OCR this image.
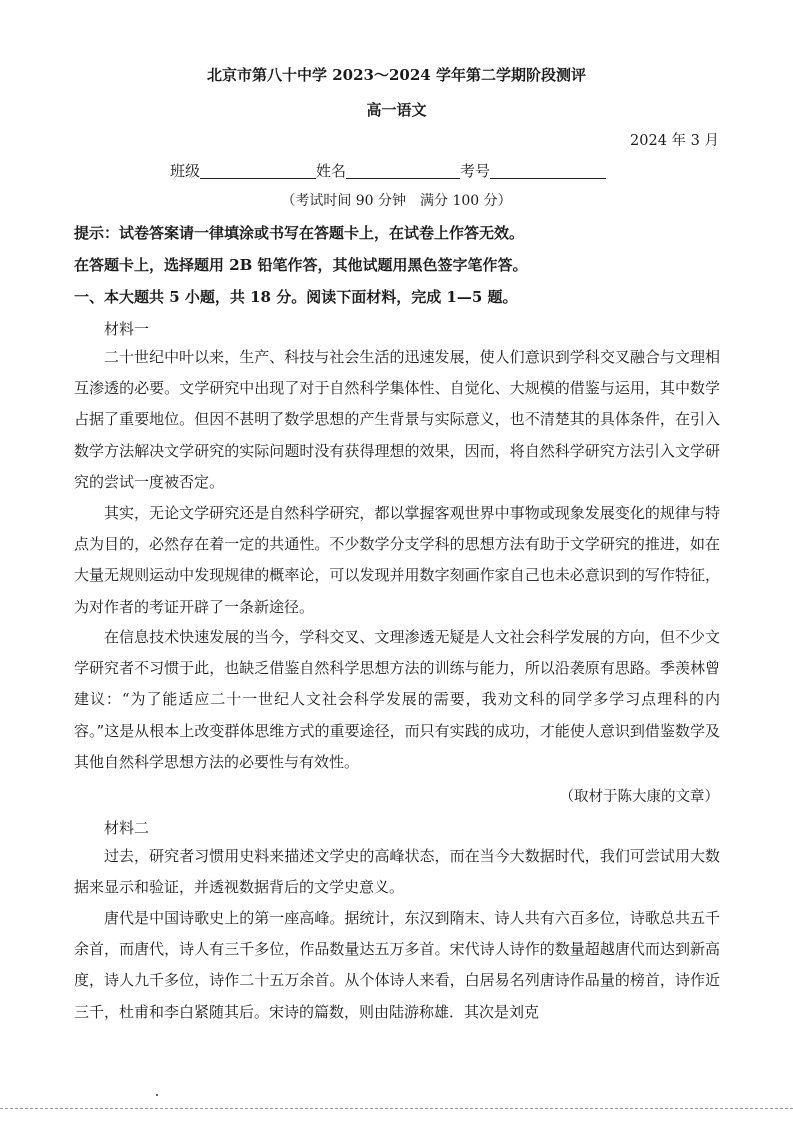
北京市第八十中学 2023～2024 学年第二学期阶段测评
高一语文
2024 年 3 月
班级	姓名	考号
（考试时间 90 分钟　满分 100 分）
提示：试卷答案请一律填涂或书写在答题卡上，在试卷上作答无效。
在答题卡上，选择题用 2B 铅笔作答，其他试题用黑色签字笔作答。
一、本大题共 5 小题，共 18 分。阅读下面材料，完成 1—5 题。
材料一

二十世纪中叶以来，生产、科技与社会生活的迅速发展，使人们意识到学科交叉融合与文理相互渗透的必要。文学研究中出现了对于自然科学集体性、自觉化、大规模的借鉴与运用，其中数学占据了重要地位。但因不甚明了数学思想的产生背景与实际意义，也不清楚其的具体条件，在引入数学方法解决文学研究的实际问题时没有获得理想的效果，因而，将自然科学研究方法引入文学研究的尝试一度被否定。

其实，无论文学研究还是自然科学研究，都以掌握客观世界中事物或现象发展变化的规律与特点为目的，必然存在着一定的共通性。不少数学分支学科的思想方法有助于文学研究的推进，如在大量无规则运动中发现规律的概率论，可以发现并用数字刻画作家自己也未必意识到的写作特征，为对作者的考证开辟了一条新途径。

在信息技术快速发展的当今，学科交叉、文理渗透无疑是人文社会科学发展的方向，但不少文学研究者不习惯于此，也缺乏借鉴自然科学思想方法的训练与能力，所以沿袭原有思路。季羡林曾建议：“为了能适应二十一世纪人文社会科学发展的需要，我劝文科的同学多学习点理科的内容。”这是从根本上改变群体思维方式的重要途径，而只有实践的成功，才能使人意识到借鉴数学及其他自然科学思想方法的必要性与有效性。

（取材于陈大康的文章）
材料二

过去，研究者习惯用史料来描述文学史的高峰状态，而在当今大数据时代，我们可尝试用大数据来显示和验证，并透视数据背后的文学史意义。

唐代是中国诗歌史上的第一座高峰。据统计，东汉到隋末、诗人共有六百多位，诗歌总共五千余首，而唐代，诗人有三千多位，作品数量达五万多首。宋代诗人诗作的数量超越唐代而达到新高度，诗人九千多位，诗作二十五万余首。从个体诗人来看，白居易名列唐诗作品量的榜首，诗作近三千，杜甫和李白紧随其后。宋诗的篇数，则由陆游称雄．其次是刘克
